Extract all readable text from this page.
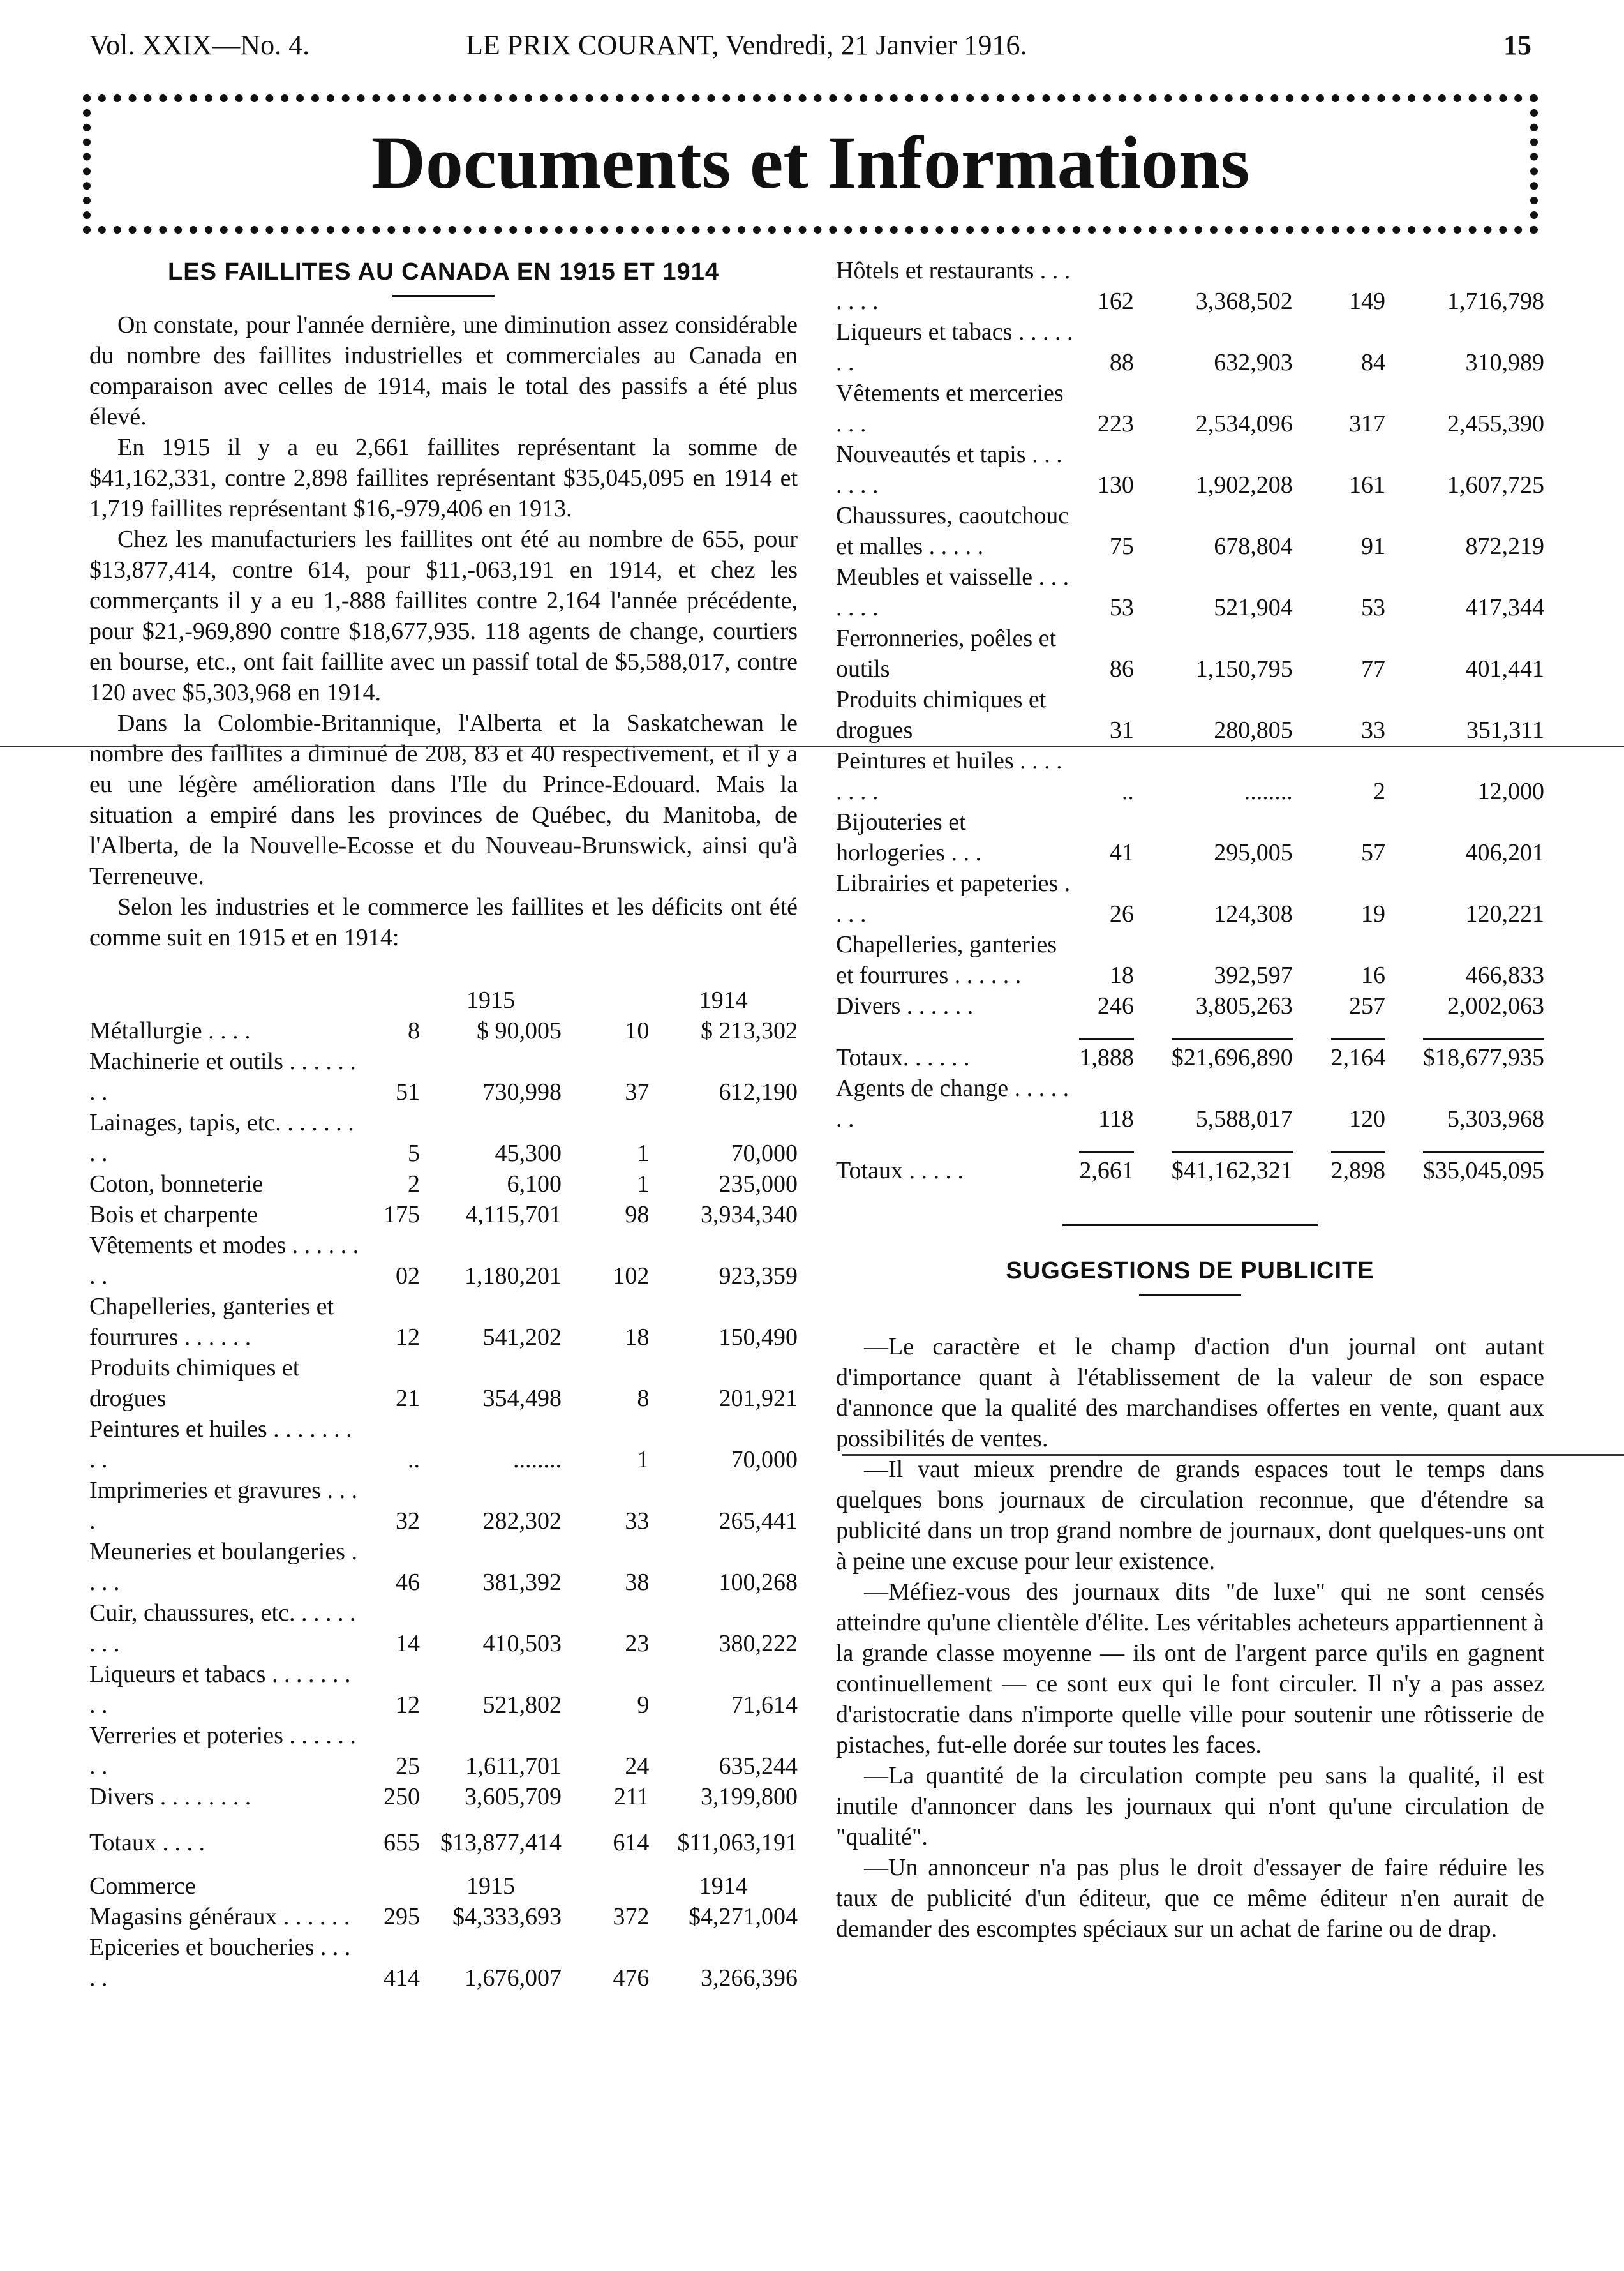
Vol. XXIX—No. 4.	LE PRIX COURANT, Vendredi, 21 Janvier 1916.	15
Documents et Informations
LES FAILLITES AU CANADA EN 1915 ET 1914

On constate, pour l'année dernière, une diminution assez considérable du nombre des faillites industrielles et commerciales au Canada en comparaison avec celles de 1914, mais le total des passifs a été plus élevé.

En 1915 il y a eu 2,661 faillites représentant la somme de $41,162,331, contre 2,898 faillites représentant $35,045,095 en 1914 et 1,719 faillites représentant $16,-979,406 en 1913.

Chez les manufacturiers les faillites ont été au nombre de 655, pour $13,877,414, contre 614, pour $11,-063,191 en 1914, et chez les commerçants il y a eu 1,-888 faillites contre 2,164 l'année précédente, pour $21,-969,890 contre $18,677,935. 118 agents de change, courtiers en bourse, etc., ont fait faillite avec un passif total de $5,588,017, contre 120 avec $5,303,968 en 1914.

Dans la Colombie-Britannique, l'Alberta et la Saskatchewan le nombre des faillites a diminué de 208, 83 et 40 respectivement, et il y a eu une légère amélioration dans l'Ile du Prince-Edouard. Mais la situation a empiré dans les provinces de Québec, du Manitoba, de l'Alberta, de la Nouvelle-Ecosse et du Nouveau-Brunswick, ainsi qu'à Terreneuve.

Selon les industries et le commerce les faillites et les déficits ont été comme suit en 1915 et en 1914:

		1915		1914
Métallurgie . . . .	8	$ 90,005	10	$ 213,302
Machinerie et outils . . . . . . . .	51	730,998	37	612,190
Lainages, tapis, etc. . . . . . . . .	5	45,300	1	70,000
Coton, bonneterie	2	6,100	1	235,000
Bois et charpente	175	4,115,701	98	3,934,340
Vêtements et modes . . . . . . . .	02	1,180,201	102	923,359
Chapelleries, ganteries et fourrures . . . . . .	12	541,202	18	150,490
Produits chimiques et drogues	21	354,498	8	201,921
Peintures et huiles . . . . . . . . .	..	........	1	70,000
Imprimeries et gravures . . . .	32	282,302	33	265,441
Meuneries et boulangeries . . . .	46	381,392	38	100,268
Cuir, chaussures, etc. . . . . . . . .	14	410,503	23	380,222
Liqueurs et tabacs . . . . . . . . .	12	521,802	9	71,614
Verreries et poteries . . . . . . . .	25	1,611,701	24	635,244
Divers . . . . . . . .	250	3,605,709	211	3,199,800
Totaux . . . .	655	$13,877,414	614	$11,063,191
Commerce		1915		1914
Magasins généraux . . . . . .	295	$4,333,693	372	$4,271,004
Epiceries et boucheries . . . . .	414	1,676,007	476	3,266,396
Hôtels et restaurants . . . . . . .	162	3,368,502	149	1,716,798
Liqueurs et tabacs . . . . . . .	88	632,903	84	310,989
Vêtements et merceries . . .	223	2,534,096	317	2,455,390
Nouveautés et tapis . . . . . . .	130	1,902,208	161	1,607,725
Chaussures, caoutchouc et malles . . . . .	75	678,804	91	872,219
Meubles et vaisselle . . . . . . .	53	521,904	53	417,344
Ferronneries, poêles et outils	86	1,150,795	77	401,441
Produits chimiques et drogues	31	280,805	33	351,311
Peintures et huiles . . . . . . . .	..	........	2	12,000
Bijouteries et horlogeries . . .	41	295,005	57	406,201
Librairies et papeteries . . . .	26	124,308	19	120,221
Chapelleries, ganteries et fourrures . . . . . .	18	392,597	16	466,833
Divers . . . . . .	246	3,805,263	257	2,002,063

Totaux. . . . . .	1,888	$21,696,890	2,164	$18,677,935
Agents de change . . . . . . .	118	5,588,017	120	5,303,968

Totaux . . . . .	2,661	$41,162,321	2,898	$35,045,095
SUGGESTIONS DE PUBLICITE

—Le caractère et le champ d'action d'un journal ont autant d'importance quant à l'établissement de la valeur de son espace d'annonce que la qualité des marchandises offertes en vente, quant aux possibilités de ventes.

—Il vaut mieux prendre de grands espaces tout le temps dans quelques bons journaux de circulation reconnue, que d'étendre sa publicité dans un trop grand nombre de journaux, dont quelques-uns ont à peine une excuse pour leur existence.

—Méfiez-vous des journaux dits "de luxe" qui ne sont censés atteindre qu'une clientèle d'élite. Les véritables acheteurs appartiennent à la grande classe moyenne — ils ont de l'argent parce qu'ils en gagnent continuellement — ce sont eux qui le font circuler. Il n'y a pas assez d'aristocratie dans n'importe quelle ville pour soutenir une rôtisserie de pistaches, fut-elle dorée sur toutes les faces.

—La quantité de la circulation compte peu sans la qualité, il est inutile d'annoncer dans les journaux qui n'ont qu'une circulation de "qualité".

—Un annonceur n'a pas plus le droit d'essayer de faire réduire les taux de publicité d'un éditeur, que ce même éditeur n'en aurait de demander des escomptes spéciaux sur un achat de farine ou de drap.
